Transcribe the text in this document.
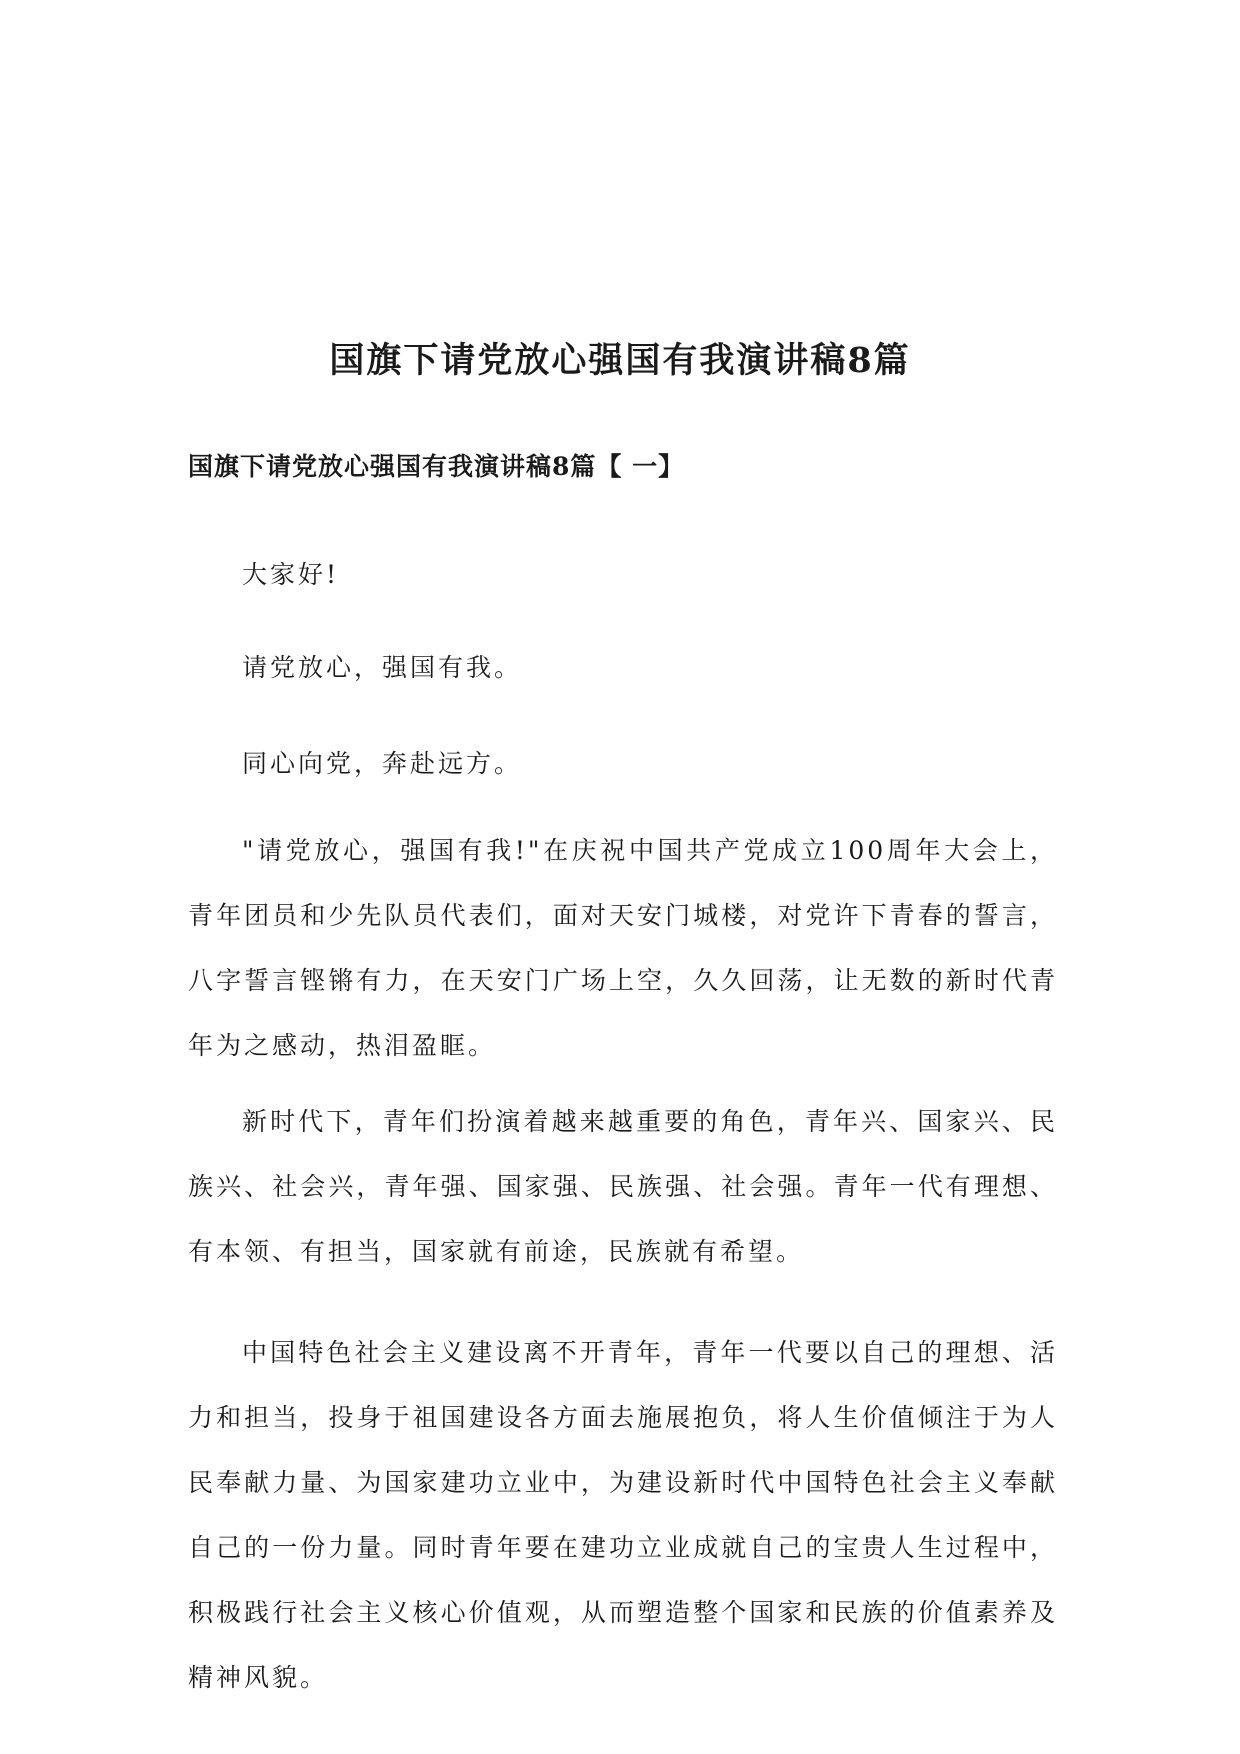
国旗下请党放心强国有我演讲稿8篇
国旗下请党放心强国有我演讲稿8篇【 一】

大家好!

请党放心，强国有我。

同心向党，奔赴远方。

"请党放心，强国有我!"在庆祝中国共产党成立100周年大会上，青年团员和少先队员代表们，面对天安门城楼，对党许下青春的誓言，八字誓言铿锵有力，在天安门广场上空，久久回荡，让无数的新时代青年为之感动，热泪盈眶。

新时代下，青年们扮演着越来越重要的角色，青年兴、国家兴、民族兴、社会兴，青年强、国家强、民族强、社会强。青年一代有理想、有本领、有担当，国家就有前途，民族就有希望。

中国特色社会主义建设离不开青年，青年一代要以自己的理想、活力和担当，投身于祖国建设各方面去施展抱负，将人生价值倾注于为人民奉献力量、为国家建功立业中，为建设新时代中国特色社会主义奉献自己的一份力量。同时青年要在建功立业成就自己的宝贵人生过程中，积极践行社会主义核心价值观，从而塑造整个国家和民族的价值素养及精神风貌。
